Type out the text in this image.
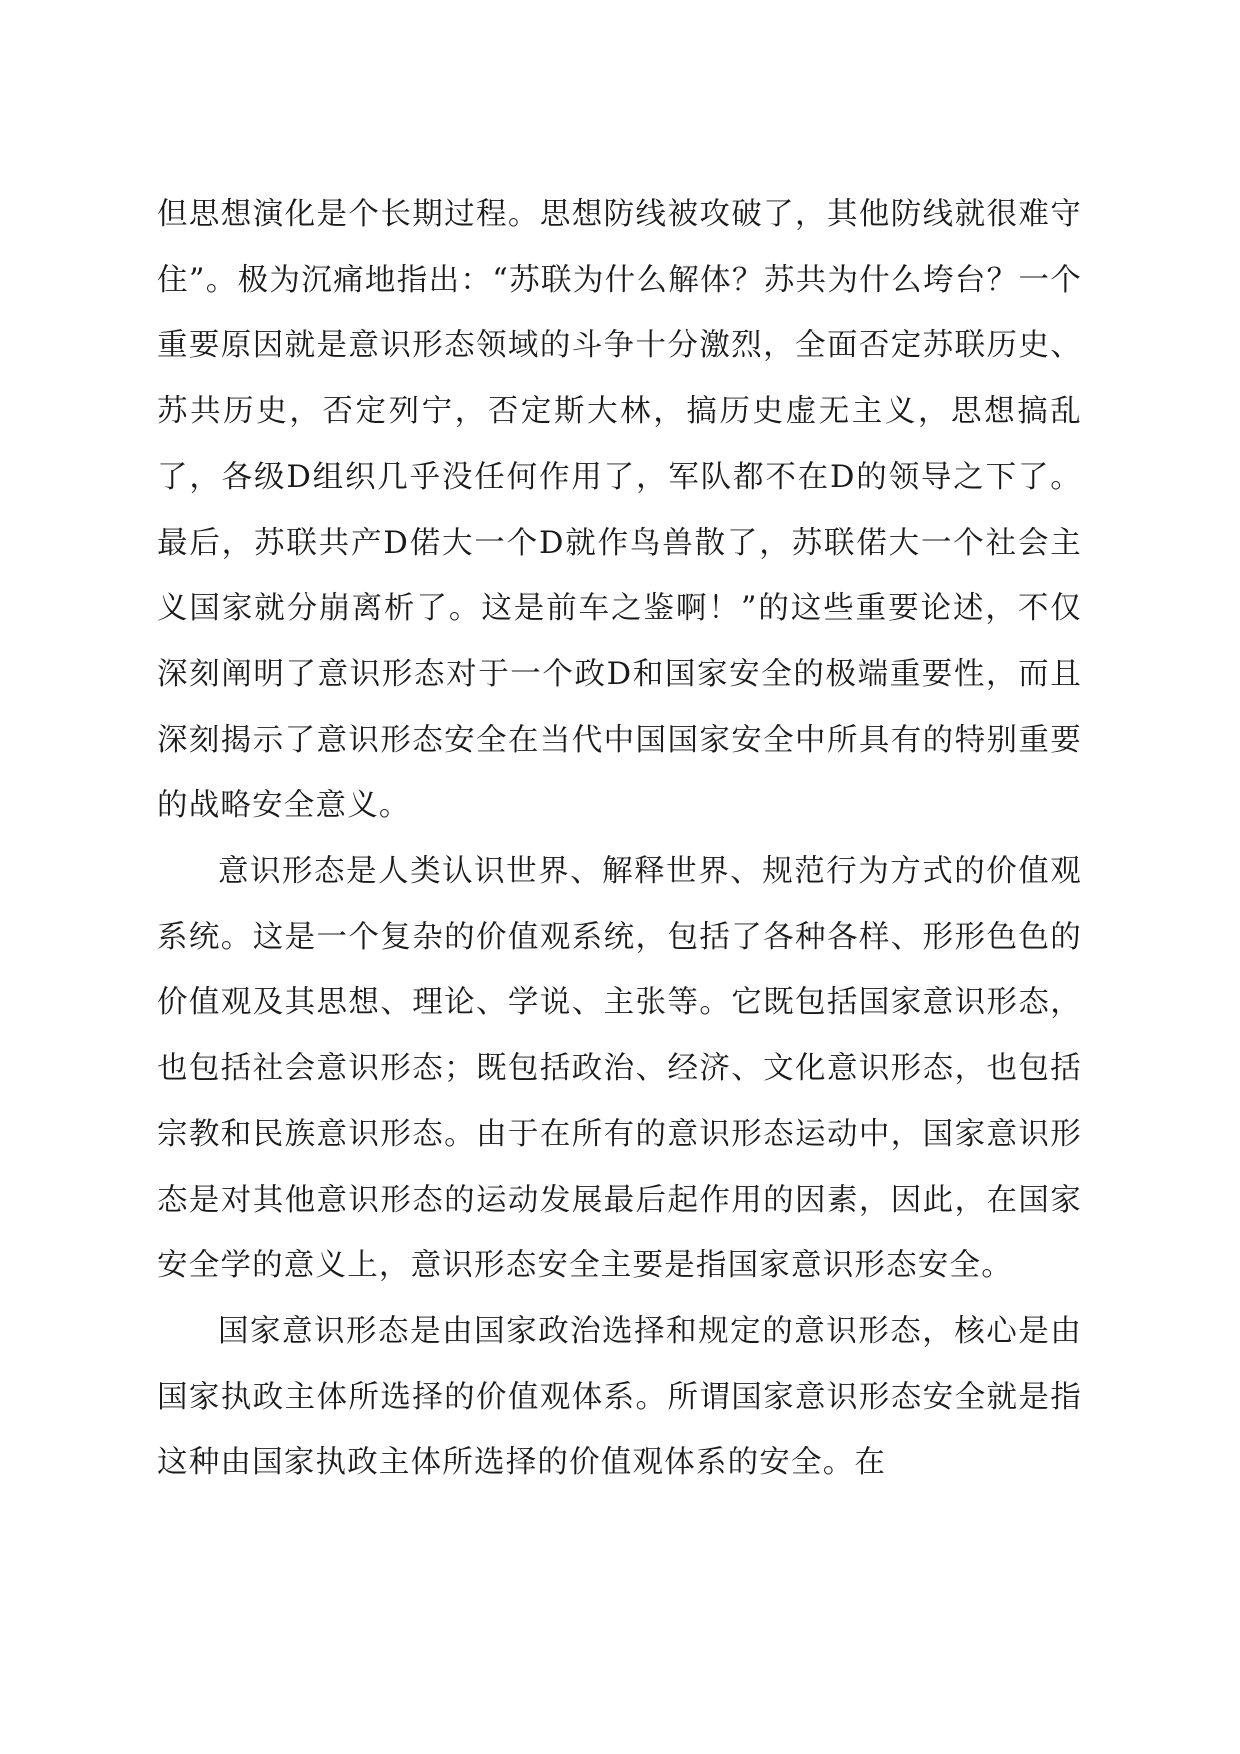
但思想演化是个长期过程。思想防线被攻破了，其他防线就很难守住”。极为沉痛地指出：“苏联为什么解体？苏共为什么垮台？一个重要原因就是意识形态领域的斗争十分激烈，全面否定苏联历史、苏共历史，否定列宁，否定斯大林，搞历史虚无主义，思想搞乱了，各级D组织几乎没任何作用了，军队都不在D的领导之下了。最后，苏联共产D偌大一个D就作鸟兽散了，苏联偌大一个社会主义国家就分崩离析了。这是前车之鉴啊！”的这些重要论述，不仅深刻阐明了意识形态对于一个政D和国家安全的极端重要性，而且深刻揭示了意识形态安全在当代中国国家安全中所具有的特别重要的战略安全意义。

意识形态是人类认识世界、解释世界、规范行为方式的价值观系统。这是一个复杂的价值观系统，包括了各种各样、形形色色的价值观及其思想、理论、学说、主张等。它既包括国家意识形态，也包括社会意识形态；既包括政治、经济、文化意识形态，也包括宗教和民族意识形态。由于在所有的意识形态运动中，国家意识形态是对其他意识形态的运动发展最后起作用的因素，因此，在国家安全学的意义上，意识形态安全主要是指国家意识形态安全。

国家意识形态是由国家政治选择和规定的意识形态，核心是由国家执政主体所选择的价值观体系。所谓国家意识形态安全就是指这种由国家执政主体所选择的价值观体系的安全。在
